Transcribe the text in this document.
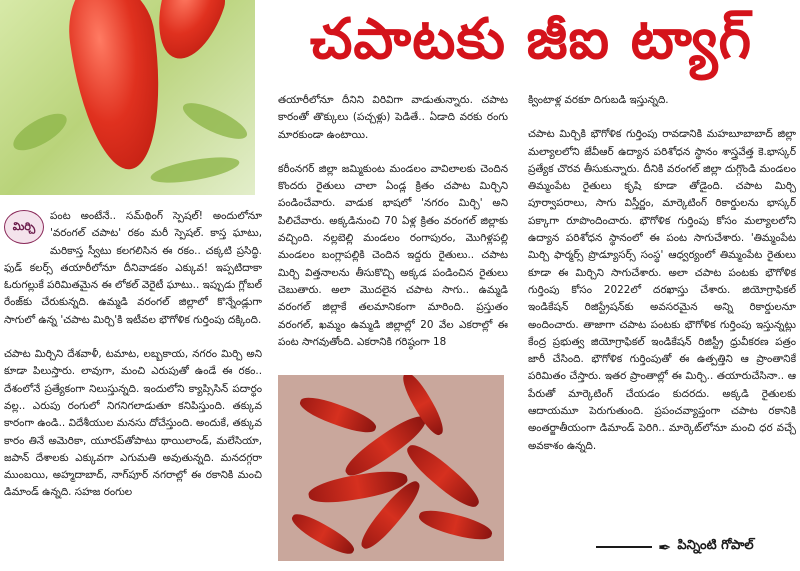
చపాటకు జీఐ ట్యాగ్

మిర్చి
పంట అంటేనే.. సమ్‌థింగ్ స్పెషల్! అందులోనూ 'వరంగల్ చపాట' రకం మరీ స్పెషల్. కాస్త ఘాటు, మరికాస్త స్వీటు కలగలిసిన ఈ రకం.. చక్కటి ప్రసిద్ధి. ఫుడ్ కలర్స్ తయారీలోనూ దీనివాడకం ఎక్కువ! ఇప్పటిదాకా ఓరుగల్లుకే పరిమితమైన ఈ లోకల్ వెరైటీ ఘాటు.. ఇప్పుడు గ్లోబల్ రేంజ్‌కు చేరుకున్నది. ఉమ్మడి వరంగల్ జిల్లాలో కొన్నేండ్లుగా సాగులో ఉన్న 'చపాట మిర్చి'కి ఇటీవల భౌగోళిక గుర్తింపు దక్కింది.

చపాట మిర్చిని దేశవాళీ, టమాట, లబ్బకాయ, నగరం మిర్చి అని కూడా పిలుస్తారు. లావుగా, మంచి ఎరుపుతో ఉండే ఈ రకం.. దేశంలోనే ప్రత్యేకంగా నిలుస్తున్నది. ఇందులోని క్యాప్సిసిన్ పదార్థం వల్ల.. ఎరుపు రంగులో నిగనిగలాడుతూ కనిపిస్తుంది. తక్కువ కారంగా ఉండి.. విదేశీయుల మనసు దోచేస్తుంది. అందుకే, తక్కువ కారం తినే అమెరికా, యూరప్‌తోపాటు థాయిలాండ్, మలేసియా, జపాన్ దేశాలకు ఎక్కువగా ఎగుమతి అవుతున్నది. మనదగ్గరా ముంబయి, అహ్మదాబాద్, నాగ్‌పూర్ నగరాల్లో ఈ రకానికి మంచి డిమాండ్ ఉన్నది. సహజ రంగుల

తయారీలోనూ దీనిని విరివిగా వాడుతున్నారు. చపాట కారంతో తొక్కులు (పచ్చళ్లు) పెడితే.. ఏడాది వరకు రంగు మారకుండా ఉంటాయి.

కరీంనగర్ జిల్లా జమ్మికుంట మండలం వావిలాలకు చెందిన కొందరు రైతులు చాలా ఏండ్ల క్రితం చపాట మిర్చిని పండించేవారు. వాడుక భాషలో 'నగరం మిర్చి' అని పిలిచేవారు. అక్కడినుంచి 70 ఏళ్ల క్రితం వరంగల్ జిల్లాకు వచ్చింది. నల్లబెల్లి మండలం రంగాపురం, మొగిళ్లపల్లి మండలం బంగ్లాపల్లికి చెందిన ఇద్దరు రైతులు.. చపాట మిర్చి విత్తనాలను తీసుకొచ్చి అక్కడ పండించిన రైతులు చెబుతారు. అలా మొదలైన చపాట సాగు.. ఉమ్మడి వరంగల్ జిల్లాకే తలమానికంగా మారింది. ప్రస్తుతం వరంగల్, ఖమ్మం ఉమ్మడి జిల్లాల్లో 20 వేల ఎకరాల్లో ఈ పంట సాగవుతోంది. ఎకరానికి గరిష్ఠంగా 18

క్వింటాళ్ల వరకూ దిగుబడి ఇస్తున్నది.

చపాట మిర్చికి భౌగోళిక గుర్తింపు రావడానికి మహబూబాబాద్ జిల్లా మల్యాలలోని జేవీఆర్ ఉద్యాన పరిశోధన స్థానం శాస్త్రవేత్త కె.భాస్కర్ ప్రత్యేక చొరవ తీసుకున్నారు. దీనికి వరంగల్ జిల్లా దుగ్గొండి మండలం తిమ్మంపేట రైతులు కృషి కూడా తోడైంది. చపాట మిర్చి పూర్వాపరాలు, సాగు విస్తీర్ణం, మార్కెటింగ్ రికార్డులను భాస్కర్ పక్కాగా రూపొందించారు. భౌగోళిక గుర్తింపు కోసం మల్యాలలోని ఉద్యాన పరిశోధన స్థానంలో ఈ పంట సాగుచేశారు. 'తిమ్మంపేట మిర్చి ఫార్మర్స్ ప్రొడ్యూసర్స్ సంస్థ' ఆధ్వర్యంలో తిమ్మంపేట రైతులు కూడా ఈ మిర్చిని సాగుచేశారు. అలా చపాట పంటకు భౌగోళిక గుర్తింపు కోసం 2022లో దరఖాస్తు చేశారు. జియోగ్రాఫికల్ ఇండికేషన్ రిజిస్ట్రేషన్‌కు అవసరమైన అన్ని రికార్డులనూ అందించారు. తాజాగా చపాట పంటకు భౌగోళిక గుర్తింపు ఇస్తున్నట్లు కేంద్ర ప్రభుత్వ జియోగ్రాఫికల్ ఇండికేషన్ రిజిస్ట్రీ ధ్రువీకరణ పత్రం జారీ చేసింది. భౌగోళిక గుర్తింపుతో ఈ ఉత్పత్తిని ఆ ప్రాంతానికే పరిమితం చేస్తారు. ఇతర ప్రాంతాల్లో ఈ మిర్చి.. తయారుచేసినా.. ఆ పేరుతో మార్కెటింగ్ చేయడం కుదరదు. అక్కడి రైతులకు ఆదాయమూ పెరుగుతుంది. ప్రపంచవ్యాప్తంగా చపాట రకానికి అంతర్జాతీయంగా డిమాండ్ పెరిగి.. మార్కెట్‌లోనూ మంచి ధర వచ్చే అవకాశం ఉన్నది.

✒ పిన్నింటి గోపాల్
